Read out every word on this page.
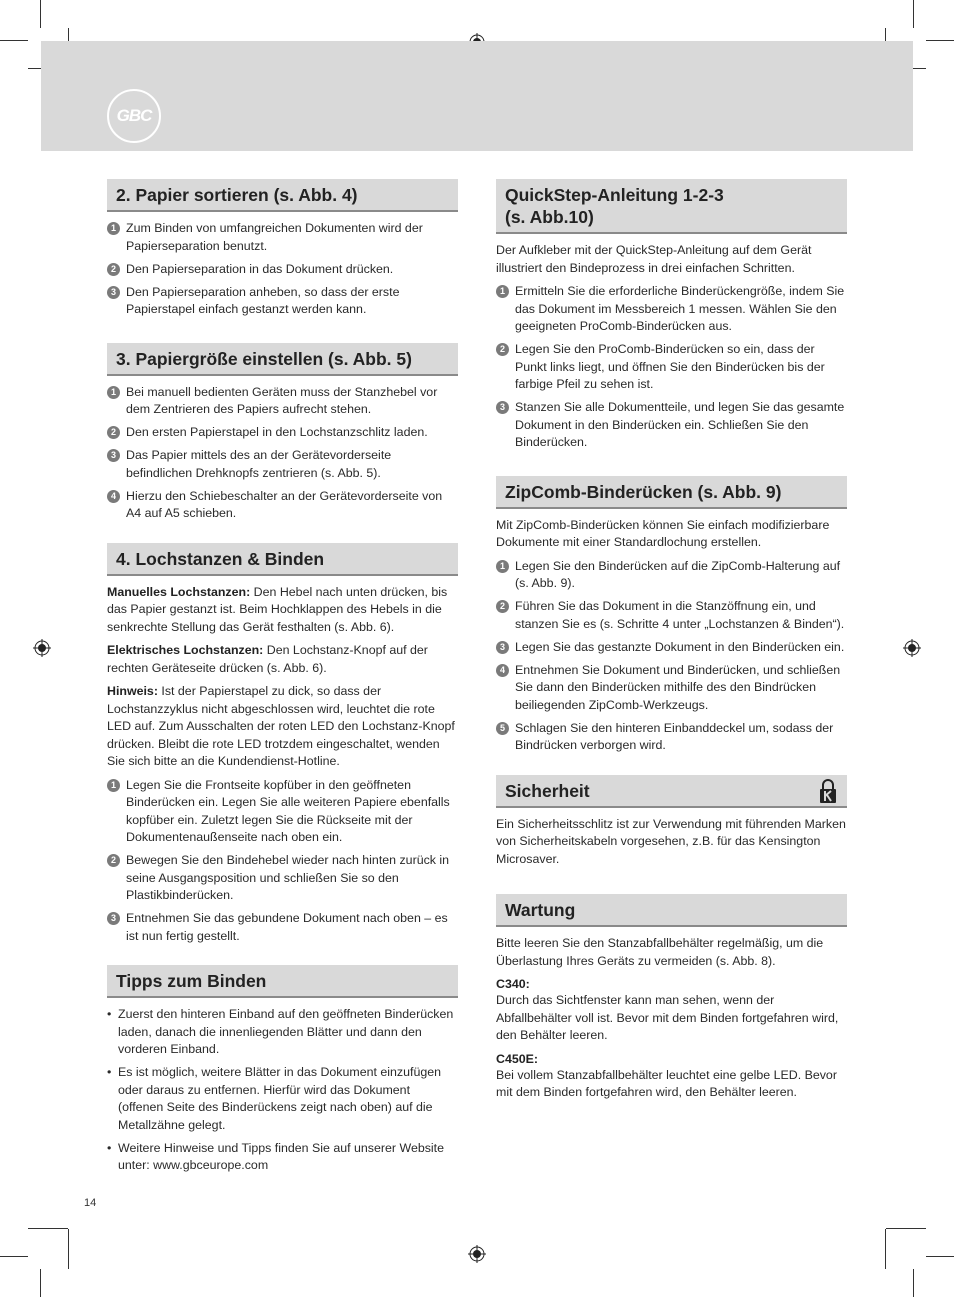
GBC
2. Papier sortieren (s. Abb. 4)
1 Zum Binden von umfangreichen Dokumenten wird der Papierseparation benutzt.
2 Den Papierseparation in das Dokument drücken.
3 Den Papierseparation anheben, so dass der erste Papierstapel einfach gestanzt werden kann.
3. Papiergröße einstellen (s. Abb. 5)
1 Bei manuell bedienten Geräten muss der Stanzhebel vor dem Zentrieren des Papiers aufrecht stehen.
2 Den ersten Papierstapel in den Lochstanzschlitz laden.
3 Das Papier mittels des an der Gerätevorderseite befindlichen Drehknopfs zentrieren (s. Abb. 5).
4 Hierzu den Schiebeschalter an der Gerätevorderseite von A4 auf A5 schieben.
4. Lochstanzen & Binden

Manuelles Lochstanzen: Den Hebel nach unten drücken, bis das Papier gestanzt ist. Beim Hochklappen des Hebels in die senkrechte Stellung das Gerät festhalten (s. Abb. 6).

Elektrisches Lochstanzen: Den Lochstanz-Knopf auf der rechten Geräteseite drücken (s. Abb. 6).

Hinweis: Ist der Papierstapel zu dick, so dass der Lochstanzzyklus nicht abgeschlossen wird, leuchtet die rote LED auf. Zum Ausschalten der roten LED den Lochstanz-Knopf drücken. Bleibt die rote LED trotzdem eingeschaltet, wenden Sie sich bitte an die Kundendienst-Hotline.

1 Legen Sie die Frontseite kopfüber in den geöffneten Binderücken ein. Legen Sie alle weiteren Papiere ebenfalls kopfüber ein. Zuletzt legen Sie die Rückseite mit der Dokumentenaußenseite nach oben ein.
2 Bewegen Sie den Bindehebel wieder nach hinten zurück in seine Ausgangsposition und schließen Sie so den Plastikbinderücken.
3 Entnehmen Sie das gebundene Dokument nach oben – es ist nun fertig gestellt.
Tipps zum Binden
• Zuerst den hinteren Einband auf den geöffneten Binderücken laden, danach die innenliegenden Blätter und dann den vorderen Einband.
• Es ist möglich, weitere Blätter in das Dokument einzufügen oder daraus zu entfernen. Hierfür wird das Dokument (offenen Seite des Binderückens zeigt nach oben) auf die Metallzähne gelegt.
• Weitere Hinweise und Tipps finden Sie auf unserer Website unter: www.gbceurope.com
QuickStep-Anleitung 1-2-3
(s. Abb.10)

Der Aufkleber mit der QuickStep-Anleitung auf dem Gerät illustriert den Bindeprozess in drei einfachen Schritten.

1 Ermitteln Sie die erforderliche Binderückengröße, indem Sie das Dokument im Messbereich 1 messen. Wählen Sie den geeigneten ProComb-Binderücken aus.
2 Legen Sie den ProComb-Binderücken so ein, dass der Punkt links liegt, und öffnen Sie den Binderücken bis der farbige Pfeil zu sehen ist.
3 Stanzen Sie alle Dokumentteile, und legen Sie das gesamte Dokument in den Binderücken ein. Schließen Sie den Binderücken.
ZipComb-Binderücken (s. Abb. 9)

Mit ZipComb-Binderücken können Sie einfach modifizierbare Dokumente mit einer Standardlochung erstellen.

1 Legen Sie den Binderücken auf die ZipComb-Halterung auf (s. Abb. 9).
2 Führen Sie das Dokument in die Stanzöffnung ein, und stanzen Sie es (s. Schritte 4 unter „Lochstanzen & Binden“).
3 Legen Sie das gestanzte Dokument in den Binderücken ein.
4 Entnehmen Sie Dokument und Binderücken, und schließen Sie dann den Binderücken mithilfe des den Bindrücken beiliegenden ZipComb-Werkzeugs.
5 Schlagen Sie den hinteren Einbanddeckel um, sodass der Bindrücken verborgen wird.
Sicherheit

Ein Sicherheitsschlitz ist zur Verwendung mit führenden Marken von Sicherheitskabeln vorgesehen, z.B. für das Kensington Microsaver.

Wartung

Bitte leeren Sie den Stanzabfallbehälter regelmäßig, um die Überlastung Ihres Geräts zu vermeiden (s. Abb. 8).

C340:

Durch das Sichtfenster kann man sehen, wenn der Abfallbehälter voll ist. Bevor mit dem Binden fortgefahren wird, den Behälter leeren.

C450E:

Bei vollem Stanzabfallbehälter leuchtet eine gelbe LED. Bevor mit dem Binden fortgefahren wird, den Behälter leeren.

14
